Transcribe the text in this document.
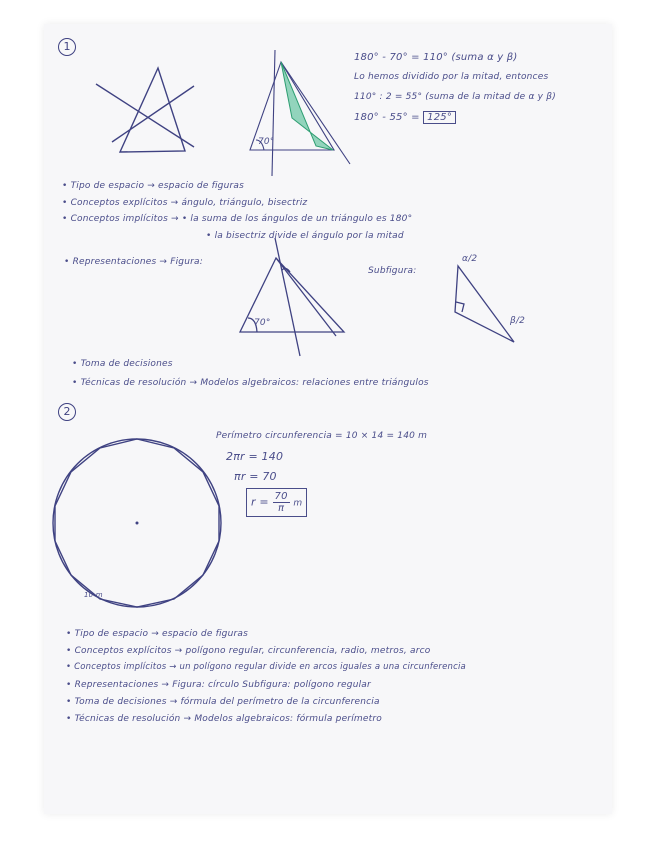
1
70°
180° - 70° = 110° (suma α y β)
Lo hemos dividido por la mitad, entonces
110° : 2 = 55° (suma de la mitad de α y β)
180° - 55° = 125°
• Tipo de espacio → espacio de figuras
• Conceptos explícitos → ángulo, triángulo, bisectriz
• Conceptos implícitos → • la suma de los ángulos de un triángulo es 180°
• la bisectriz divide el ángulo por la mitad
• Representaciones → Figura:
70°
Subfigura:
α/2
β/2
• Toma de decisiones
• Técnicas de resolución → Modelos algebraicos: relaciones entre triángulos
2
10 m
Perímetro circunferencia = 10 × 14 = 140 m
2πr = 140
πr = 70
$r = \frac{70}{\pi}$ m
• Tipo de espacio → espacio de figuras
• Conceptos explícitos → polígono regular, circunferencia, radio, metros, arco
• Conceptos implícitos → un polígono regular divide en arcos iguales a una circunferencia
• Representaciones → Figura: círculo Subfigura: polígono regular
• Toma de decisiones → fórmula del perímetro de la circunferencia
• Técnicas de resolución → Modelos algebraicos: fórmula perímetro
